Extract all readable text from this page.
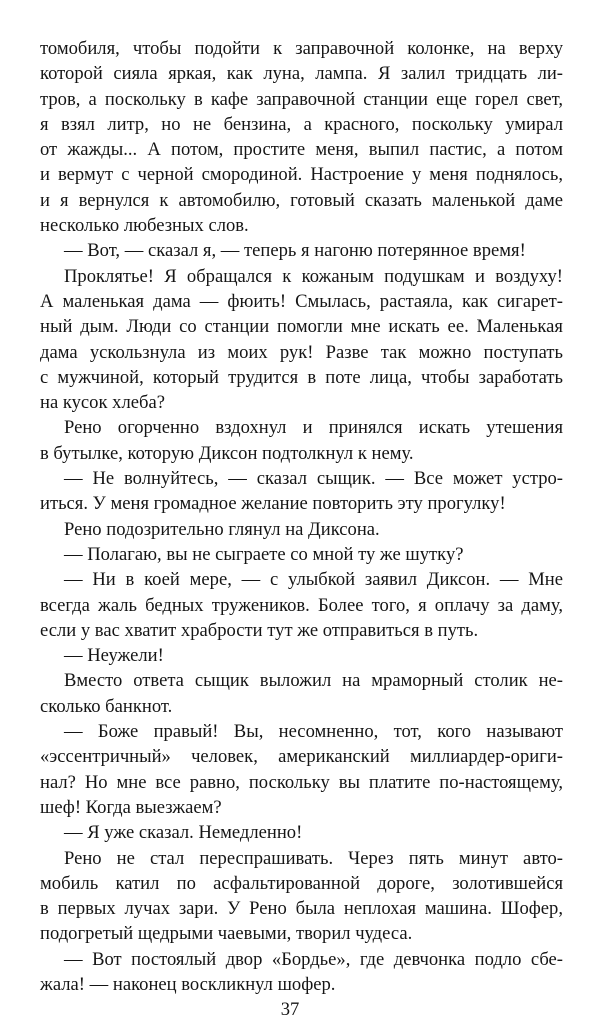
томобиля, чтобы подойти к заправочной колонке, на верху
которой сияла яркая, как луна, лампа. Я залил тридцать ли-
тров, а поскольку в кафе заправочной станции еще горел свет,
я взял литр, но не бензина, а красного, поскольку умирал
от жажды... А потом, простите меня, выпил пастис, а потом
и вермут с черной смородиной. Настроение у меня поднялось,
и я вернулся к автомобилю, готовый сказать маленькой даме
несколько любезных слов.
— Вот, — сказал я, — теперь я нагоню потерянное время!
Проклятье! Я обращался к кожаным подушкам и воздуху!
А маленькая дама — фюить! Смылась, растаяла, как сигарет-
ный дым. Люди со станции помогли мне искать ее. Маленькая
дама ускользнула из моих рук! Разве так можно поступать
с мужчиной, который трудится в поте лица, чтобы заработать
на кусок хлеба?
Рено огорченно вздохнул и принялся искать утешения
в бутылке, которую Диксон подтолкнул к нему.
— Не волнуйтесь, — сказал сыщик. — Все может устро-
иться. У меня громадное желание повторить эту прогулку!
Рено подозрительно глянул на Диксона.
— Полагаю, вы не сыграете со мной ту же шутку?
— Ни в коей мере, — с улыбкой заявил Диксон. — Мне
всегда жаль бедных тружеников. Более того, я оплачу за даму,
если у вас хватит храбрости тут же отправиться в путь.
— Неужели!
Вместо ответа сыщик выложил на мраморный столик не-
сколько банкнот.
— Боже правый! Вы, несомненно, тот, кого называют
«эссентричный» человек, американский миллиардер-ориги-
нал? Но мне все равно, поскольку вы платите по-настоящему,
шеф! Когда выезжаем?
— Я уже сказал. Немедленно!
Рено не стал переспрашивать. Через пять минут авто-
мобиль катил по асфальтированной дороге, золотившейся
в первых лучах зари. У Рено была неплохая машина. Шофер,
подогретый щедрыми чаевыми, творил чудеса.
— Вот постоялый двор «Бордье», где девчонка подло сбе-
жала! — наконец воскликнул шофер.
37
